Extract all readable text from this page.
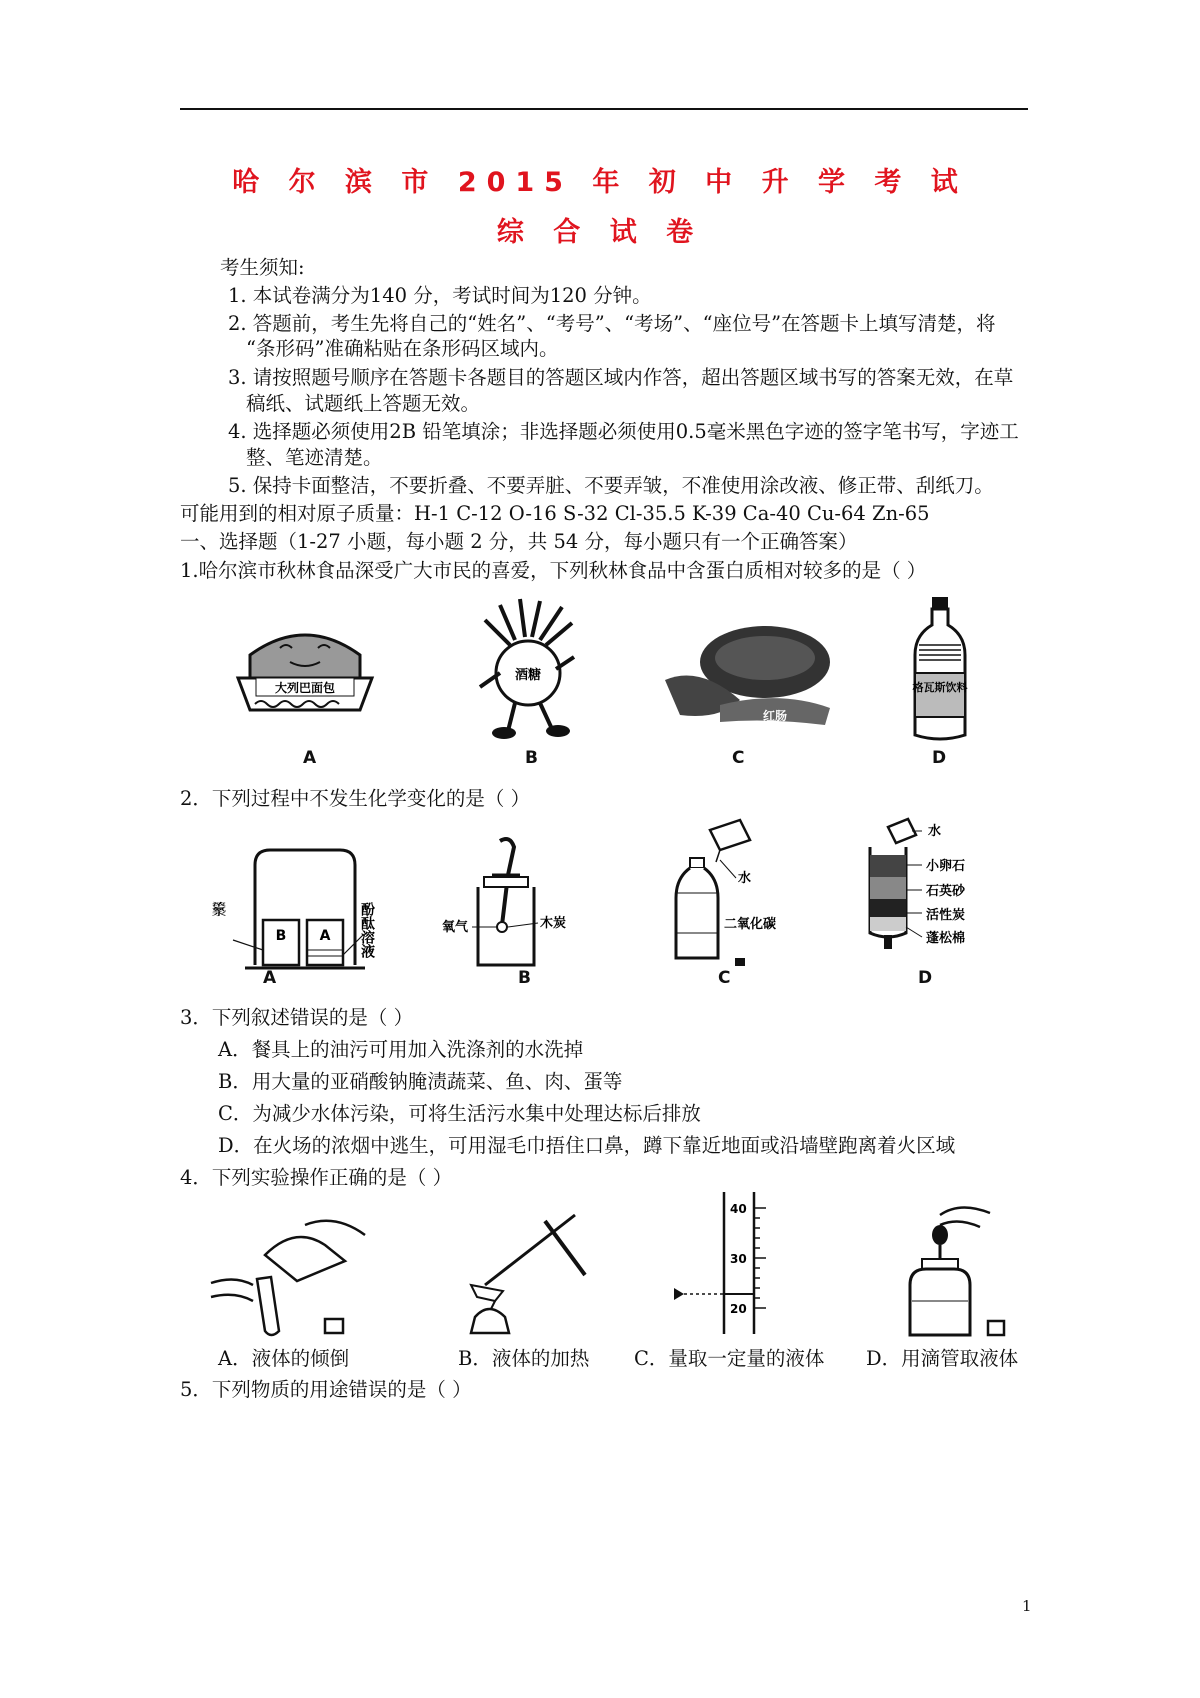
哈 尔 滨 市 2015 年 初 中 升 学 考 试
综 合 试 卷
考生须知:
1. 本试卷满分为140 分，考试时间为120 分钟。
2. 答题前，考生先将自己的“姓名”、“考号”、“考场”、“座位号”在答题卡上填写清楚，将
“条形码”准确粘贴在条形码区域内。
3. 请按照题号顺序在答题卡各题目的答题区域内作答，超出答题区域书写的答案无效，在草
稿纸、试题纸上答题无效。
4. 选择题必须使用2B 铅笔填涂；非选择题必须使用0.5毫米黑色字迹的签字笔书写，字迹工
整、笔迹清楚。
5. 保持卡面整洁，不要折叠、不要弄脏、不要弄皱，不准使用涂改液、修正带、刮纸刀。
可能用到的相对原子质量：H-1 C-12 O-16 S-32 Cl-35.5 K-39 Ca-40 Cu-64 Zn-65
一、选择题（1-27 小题，每小题 2 分，共 54 分，每小题只有一个正确答案）
1.哈尔滨市秋林食品深受广大市民的喜爱，下列秋林食品中含蛋白质相对较多的是（ ）
大列巴面包
酒糖
红肠
格瓦斯饮料
A	B	C	D
2．下列过程中不发生化学变化的是（ ）
B A
浓氨水	酚酞溶液	氧气	木炭
水
二氧化碳
水
小卵石
石英砂
活性炭
蓬松棉
A	B	C	D
3．下列叙述错误的是（ ）
A．餐具上的油污可用加入洗涤剂的水洗掉
B．用大量的亚硝酸钠腌渍蔬菜、鱼、肉、蛋等
C．为减少水体污染，可将生活污水集中处理达标后排放
D．在火场的浓烟中逃生，可用湿毛巾捂住口鼻，蹲下靠近地面或沿墙壁跑离着火区域
4．下列实验操作正确的是（ ）
40
30
20
A．液体的倾倒	B．液体的加热 C．量取一定量的液体 D．用滴管取液体
5．下列物质的用途错误的是（ ）
1
